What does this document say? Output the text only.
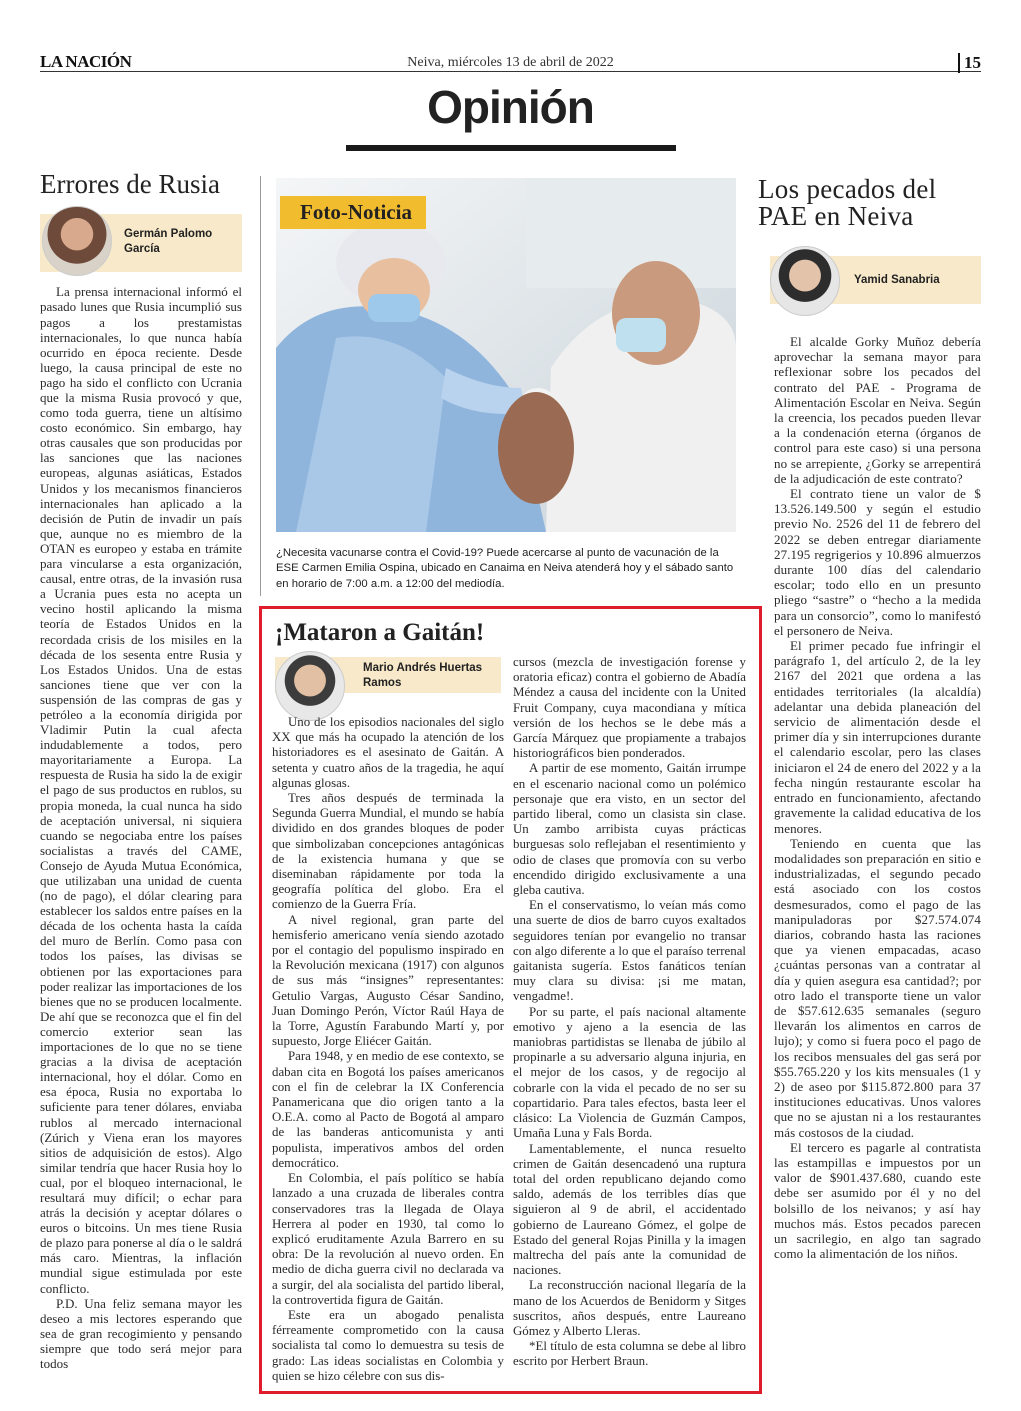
LA NACIÓN	Neiva, miércoles 13 de abril de 2022	15
Opinión
Errores de Rusia
Germán Palomo García

La prensa internacional informó el pasado lunes que Rusia incumplió sus pagos a los prestamistas internacionales, lo que nunca había ocurrido en época reciente. Desde luego, la causa principal de este no pago ha sido el conflicto con Ucrania que la misma Rusia provocó y que, como toda guerra, tiene un altísimo costo económico. Sin embargo, hay otras causales que son producidas por las sanciones que las naciones europeas, algunas asiáticas, Estados Unidos y los mecanismos financieros internacionales han aplicado a la decisión de Putin de invadir un país que, aunque no es miembro de la OTAN es europeo y estaba en trámite para vincularse a esta organización, causal, entre otras, de la invasión rusa a Ucrania pues esta no acepta un vecino hostil aplicando la misma teoría de Estados Unidos en la recordada crisis de los misiles en la década de los sesenta entre Rusia y Los Estados Unidos. Una de estas sanciones tiene que ver con la suspensión de las compras de gas y petróleo a la economía dirigida por Vladimir Putin la cual afecta indudablemente a todos, pero mayoritariamente a Europa. La respuesta de Rusia ha sido la de exigir el pago de sus productos en rublos, su propia moneda, la cual nunca ha sido de aceptación universal, ni siquiera cuando se negociaba entre los países socialistas a través del CAME, Consejo de Ayuda Mutua Económica, que utilizaban una unidad de cuenta (no de pago), el dólar clearing para establecer los saldos entre países en la década de los ochenta hasta la caída del muro de Berlín. Como pasa con todos los países, las divisas se obtienen por las exportaciones para poder realizar las importaciones de los bienes que no se producen localmente. De ahí que se reconozca que el fin del comercio exterior sean las importaciones de lo que no se tiene gracias a la divisa de aceptación internacional, hoy el dólar. Como en esa época, Rusia no exportaba lo suficiente para tener dólares, enviaba rublos al mercado internacional (Zúrich y Viena eran los mayores sitios de adquisición de estos). Algo similar tendría que hacer Rusia hoy lo cual, por el bloqueo internacional, le resultará muy difícil; o echar para atrás la decisión y aceptar dólares o euros o bitcoins. Un mes tiene Rusia de plazo para ponerse al día o le saldrá más caro. Mientras, la inflación mundial sigue estimulada por este conflicto.

P.D. Una feliz semana mayor les deseo a mis lectores esperando que sea de gran recogimiento y pensando siempre que todo será mejor para todos

Foto-Noticia
¿Necesita vacunarse contra el Covid-19? Puede acercarse al punto de vacunación de la ESE Carmen Emilia Ospina, ubicado en Canaima en Neiva atenderá hoy y el sábado santo en horario de 7:00 a.m. a 12:00 del mediodía.
¡Mataron a Gaitán!
Mario Andrés Huertas Ramos

Uno de los episodios nacionales del siglo XX que más ha ocupado la atención de los historiadores es el asesinato de Gaitán. A setenta y cuatro años de la tragedia, he aquí algunas glosas.

Tres años después de terminada la Segunda Guerra Mundial, el mundo se había dividido en dos grandes bloques de poder que simbolizaban concepciones antagónicas de la existencia humana y que se diseminaban rápidamente por toda la geografía política del globo. Era el comienzo de la Guerra Fría.

A nivel regional, gran parte del hemisferio americano venía siendo azotado por el contagio del populismo inspirado en la Revolución mexicana (1917) con algunos de sus más “insignes” representantes: Getulio Vargas, Augusto César Sandino, Juan Domingo Perón, Víctor Raúl Haya de la Torre, Agustín Farabundo Martí y, por supuesto, Jorge Eliécer Gaitán.

Para 1948, y en medio de ese contexto, se daban cita en Bogotá los países americanos con el fin de celebrar la IX Conferencia Panamericana que dio origen tanto a la O.E.A. como al Pacto de Bogotá al amparo de las banderas anticomunista y anti populista, imperativos ambos del orden democrático.

En Colombia, el país político se había lanzado a una cruzada de liberales contra conservadores tras la llegada de Olaya Herrera al poder en 1930, tal como lo explicó eruditamente Azula Barrero en su obra: De la revolución al nuevo orden. En medio de dicha guerra civil no declarada va a surgir, del ala socialista del partido liberal, la controvertida figura de Gaitán.

Este era un abogado penalista férreamente comprometido con la causa socialista tal como lo demuestra su tesis de grado: Las ideas socialistas en Colombia y quien se hizo célebre con sus dis-

cursos (mezcla de investigación forense y oratoria eficaz) contra el gobierno de Abadía Méndez a causa del incidente con la United Fruit Company, cuya macondiana y mítica versión de los hechos se le debe más a García Márquez que propiamente a trabajos historiográficos bien ponderados.

A partir de ese momento, Gaitán irrumpe en el escenario nacional como un polémico personaje que era visto, en un sector del partido liberal, como un clasista sin clase. Un zambo arribista cuyas prácticas burguesas solo reflejaban el resentimiento y odio de clases que promovía con su verbo encendido dirigido exclusivamente a una gleba cautiva.

En el conservatismo, lo veían más como una suerte de dios de barro cuyos exaltados seguidores tenían por evangelio no transar con algo diferente a lo que el paraíso terrenal gaitanista sugería. Estos fanáticos tenían muy clara su divisa: ¡si me matan, vengadme!.

Por su parte, el país nacional altamente emotivo y ajeno a la esencia de las maniobras partidistas se llenaba de júbilo al propinarle a su adversario alguna injuria, en el mejor de los casos, y de regocijo al cobrarle con la vida el pecado de no ser su copartidario. Para tales efectos, basta leer el clásico: La Violencia de Guzmán Campos, Umaña Luna y Fals Borda.

Lamentablemente, el nunca resuelto crimen de Gaitán desencadenó una ruptura total del orden republicano dejando como saldo, además de los terribles días que siguieron al 9 de abril, el accidentado gobierno de Laureano Gómez, el golpe de Estado del general Rojas Pinilla y la imagen maltrecha del país ante la comunidad de naciones.

La reconstrucción nacional llegaría de la mano de los Acuerdos de Benidorm y Sitges suscritos, años después, entre Laureano Gómez y Alberto Lleras.

*El título de esta columna se debe al libro escrito por Herbert Braun.

Los pecados del PAE en Neiva
Yamid Sanabria

El alcalde Gorky Muñoz debería aprovechar la semana mayor para reflexionar sobre los pecados del contrato del PAE - Programa de Alimentación Escolar en Neiva. Según la creencia, los pecados pueden llevar a la condenación eterna (órganos de control para este caso) si una persona no se arrepiente, ¿Gorky se arrepentirá de la adjudicación de este contrato?

El contrato tiene un valor de $ 13.526.149.500 y según el estudio previo No. 2526 del 11 de febrero del 2022 se deben entregar diariamente 27.195 regrigerios y 10.896 almuerzos durante 100 días del calendario escolar; todo ello en un presunto pliego “sastre” o “hecho a la medida para un consorcio”, como lo manifestó el personero de Neiva.

El primer pecado fue infringir el parágrafo 1, del artículo 2, de la ley 2167 del 2021 que ordena a las entidades territoriales (la alcaldía) adelantar una debida planeación del servicio de alimentación desde el primer día y sin interrupciones durante el calendario escolar, pero las clases iniciaron el 24 de enero del 2022 y a la fecha ningún restaurante escolar ha entrado en funcionamiento, afectando gravemente la calidad educativa de los menores.

Teniendo en cuenta que las modalidades son preparación en sitio e industrializadas, el segundo pecado está asociado con los costos desmesurados, como el pago de las manipuladoras por $27.574.074 diarios, cobrando hasta las raciones que ya vienen empacadas, acaso ¿cuántas personas van a contratar al día y quien asegura esa cantidad?; por otro lado el transporte tiene un valor de $57.612.635 semanales (seguro llevarán los alimentos en carros de lujo); y como si fuera poco el pago de los recibos mensuales del gas será por $55.765.220 y los kits mensuales (1 y 2) de aseo por $115.872.800 para 37 instituciones educativas. Unos valores que no se ajustan ni a los restaurantes más costosos de la ciudad.

El tercero es pagarle al contratista las estampillas e impuestos por un valor de $901.437.680, cuando este debe ser asumido por él y no del bolsillo de los neivanos; y así hay muchos más. Estos pecados parecen un sacrilegio, en algo tan sagrado como la alimentación de los niños.
